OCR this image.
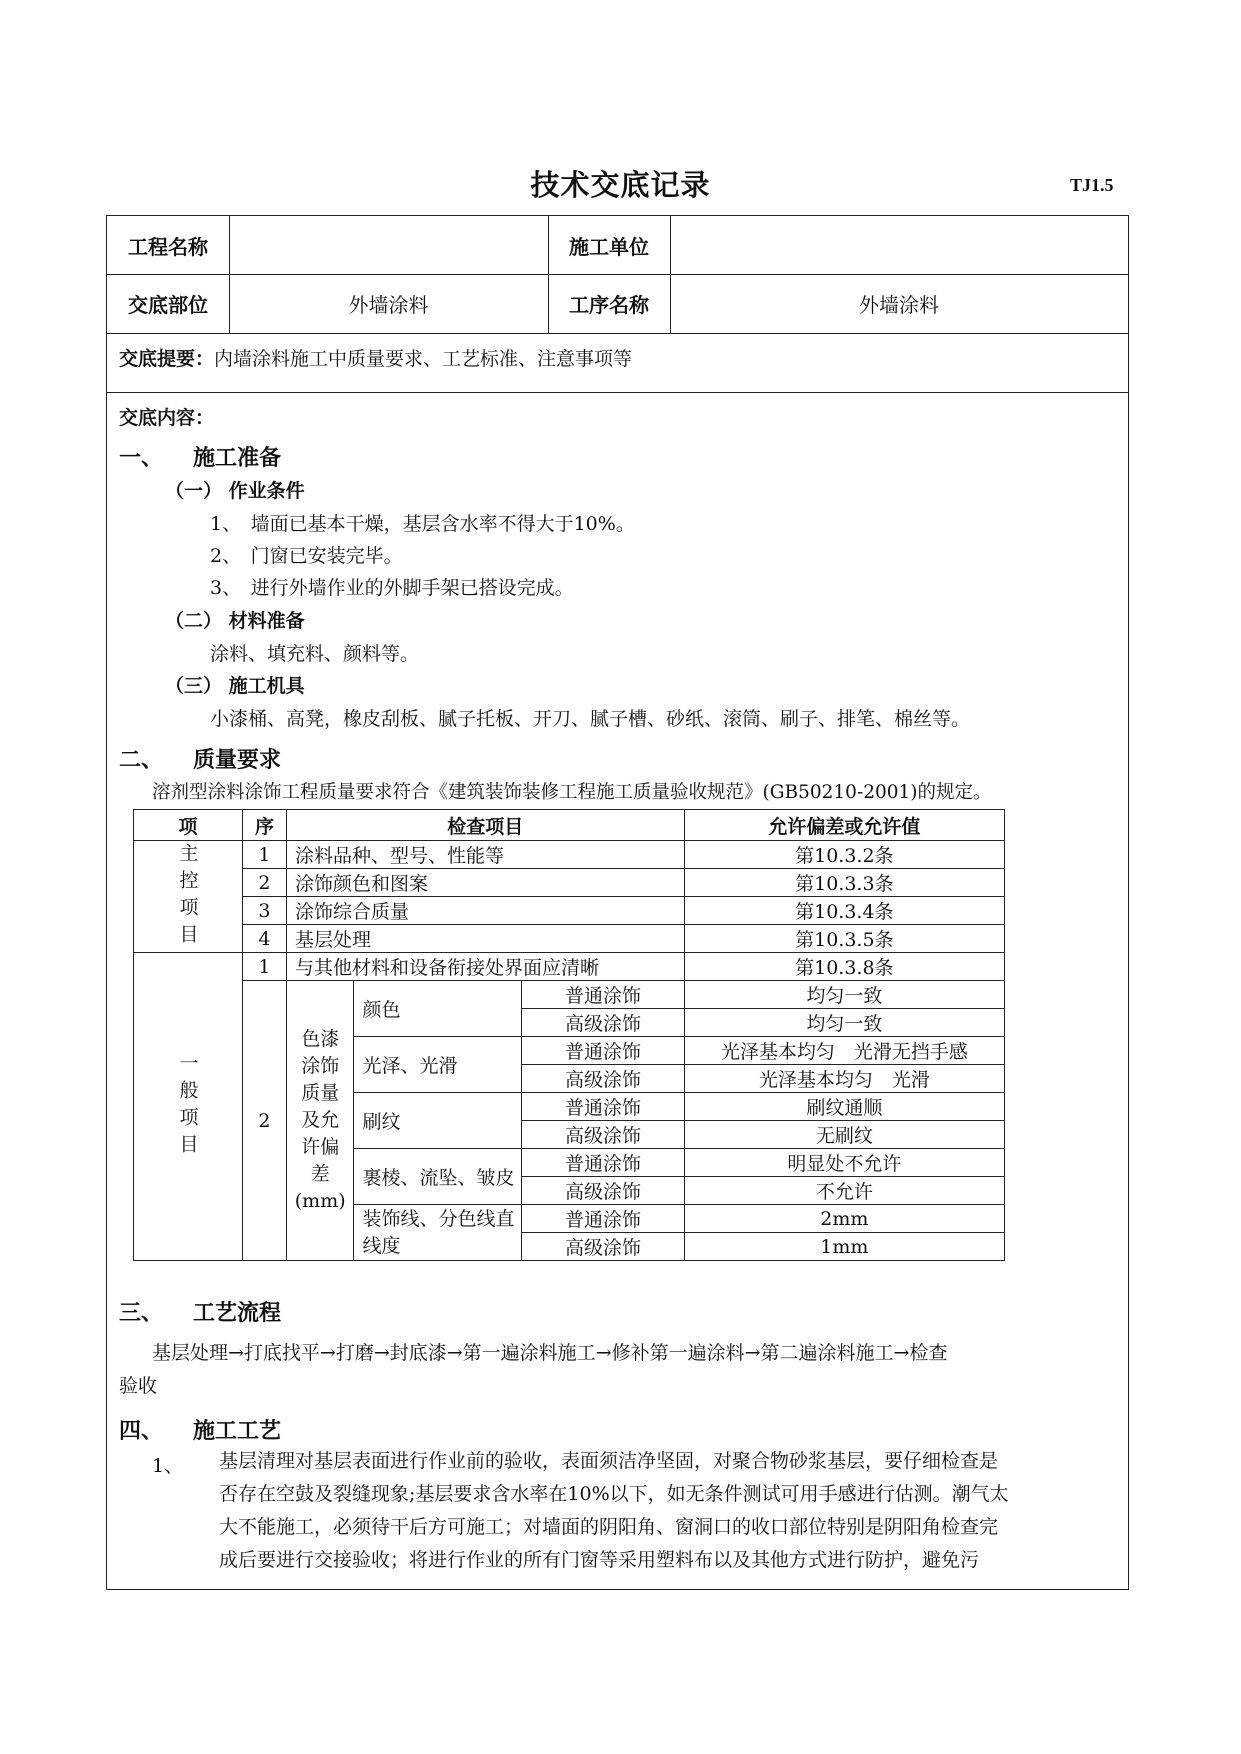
技术交底记录	TJ1.5
工程名称	施工单位
交底部位	外墙涂料	工序名称	外墙涂料
交底提要：内墙涂料施工中质量要求、工艺标准、注意事项等
交底内容：
一、 施工准备
（一） 作业条件
1、　墙面已基本干燥，基层含水率不得大于10%。
2、　门窗已安装完毕。
3、　进行外墙作业的外脚手架已搭设完成。
（二） 材料准备
涂料、填充料、颜料等。
（三） 施工机具
小漆桶、高凳，橡皮刮板、腻子托板、开刀、腻子槽、砂纸、滚筒、刷子、排笔、棉丝等。
二、 质量要求
溶剂型涂料涂饰工程质量要求符合《建筑装饰装修工程施工质量验收规范》(GB50210-2001)的规定。
项	序	检查项目			允许偏差或允许值
主控项目	1	涂料品种、型号、性能等			第10.3.2条
	2	涂饰颜色和图案			第10.3.3条
	3	涂饰综合质量			第10.3.4条
	4	基层处理			第10.3.5条
一般项目	1	与其他材料和设备衔接处界面应清晰			第10.3.8条
	2	色漆涂饰质量及允许偏差(mm)	颜色	普通涂饰	均匀一致
				高级涂饰	均匀一致
			光泽、光滑	普通涂饰	光泽基本均匀　光滑无挡手感
				高级涂饰	光泽基本均匀　光滑
			刷纹	普通涂饰	刷纹通顺
				高级涂饰	无刷纹
			裹棱、流坠、皱皮	普通涂饰	明显处不允许
				高级涂饰	不允许
			装饰线、分色线直线度	普通涂饰	2mm
				高级涂饰	1mm
三、 工艺流程
基层处理→打底找平→打磨→封底漆→第一遍涂料施工→修补第一遍涂料→第二遍涂料施工→检查
验收
四、 施工工艺
1、 基层清理对基层表面进行作业前的验收，表面须洁净坚固，对聚合物砂浆基层，要仔细检查是
否存在空鼓及裂缝现象;基层要求含水率在10%以下，如无条件测试可用手感进行估测。潮气太
大不能施工，必须待干后方可施工；对墙面的阴阳角、窗洞口的收口部位特别是阴阳角检查完
成后要进行交接验收；将进行作业的所有门窗等采用塑料布以及其他方式进行防护，避免污
